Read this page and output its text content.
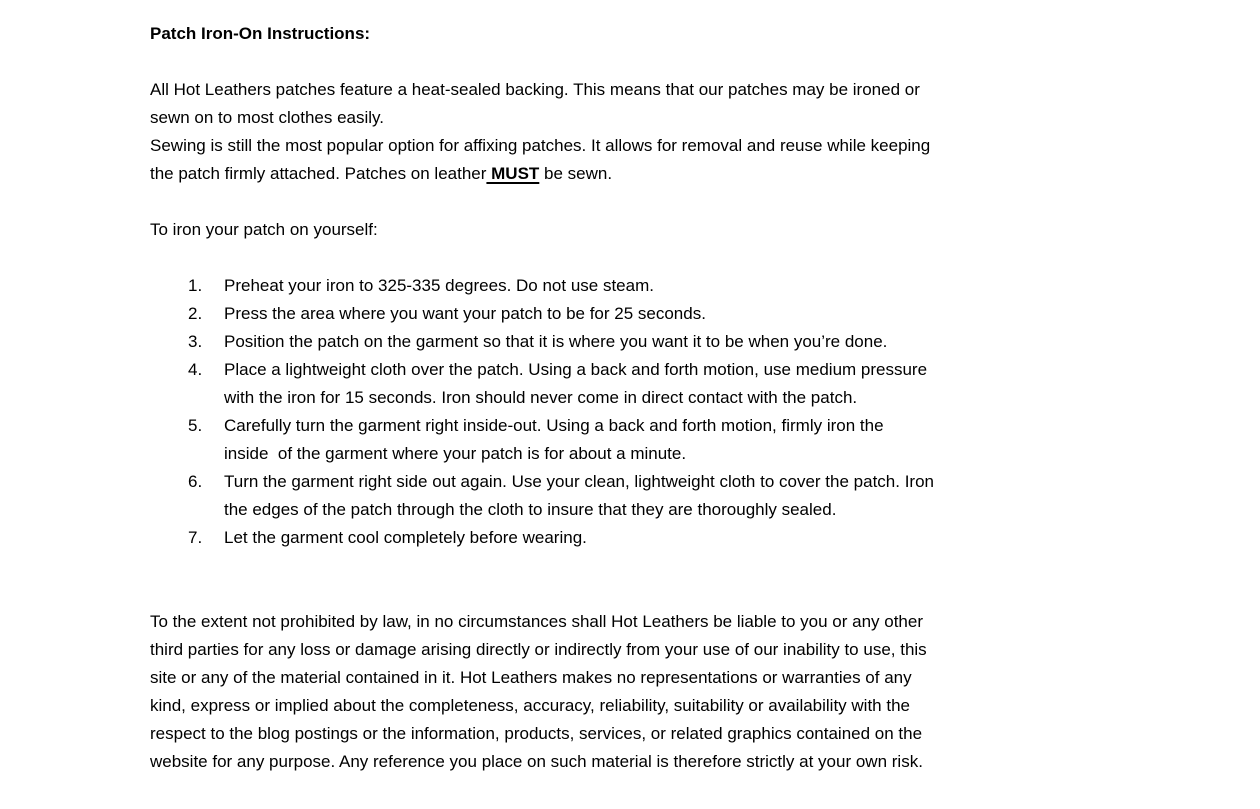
Patch Iron-On Instructions:
All Hot Leathers patches feature a heat-sealed backing. This means that our patches may be ironed or
sewn on to most clothes easily.
Sewing is still the most popular option for affixing patches. It allows for removal and reuse while keeping
the patch firmly attached. Patches on leather MUST be sewn.
To iron your patch on yourself:
1.	Preheat your iron to 325-335 degrees. Do not use steam.
2.	Press the area where you want your patch to be for 25 seconds.
3.	Position the patch on the garment so that it is where you want it to be when you’re done.
4.	Place a lightweight cloth over the patch. Using a back and forth motion, use medium pressure
with the iron for 15 seconds. Iron should never come in direct contact with the patch.
5.	Carefully turn the garment right inside-out. Using a back and forth motion, firmly iron the
inside  of the garment where your patch is for about a minute.
6.	Turn the garment right side out again. Use your clean, lightweight cloth to cover the patch. Iron
the edges of the patch through the cloth to insure that they are thoroughly sealed.
7.	Let the garment cool completely before wearing.
To the extent not prohibited by law, in no circumstances shall Hot Leathers be liable to you or any other
third parties for any loss or damage arising directly or indirectly from your use of our inability to use, this
site or any of the material contained in it. Hot Leathers makes no representations or warranties of any
kind, express or implied about the completeness, accuracy, reliability, suitability or availability with the
respect to the blog postings or the information, products, services, or related graphics contained on the
website for any purpose. Any reference you place on such material is therefore strictly at your own risk.
